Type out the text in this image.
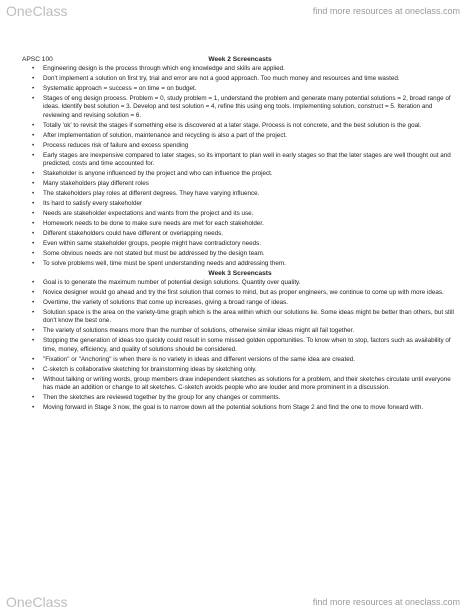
OneClass	find more resources at oneclass.com
APSC 100	Week 2 Screencasts
• Engineering design is the process through which eng knowledge and skills are applied.
• Don't implement a solution on first try, trial and error are not a good approach. Too much money and resources and time wasted.
• Systematic approach = success = on time = on budget.
• Stages of eng design process. Problem = 0, study problem = 1, understand the problem and generate many potential solutions = 2, broad range of ideas. Identify best solution = 3. Develop and test solution = 4, refine this using eng tools. Implementing solution, construct = 5. Iteration and reviewing and revising solution = 6.
• Totally 'ok' to revisit the stages if something else is discovered at a later stage. Process is not concrete, and the best solution is the goal.
• After implementation of solution, maintenance and recycling is also a part of the project.
• Process reduces risk of failure and excess spending
• Early stages are inexpensive compared to later stages, so its important to plan well in early stages so that the later stages are well thought out and predicted, costs and time accounted for.
• Stakeholder is anyone influenced by the project and who can influence the project.
• Many stakeholders play different roles
• The stakeholders play roles at different degrees. They have varying influence.
• Its hard to satisfy every stakeholder
• Needs are stakeholder expectations and wants from the project and its use.
• Homework needs to be done to make sure needs are met for each stakeholder.
• Different stakeholders could have different or overlapping needs.
• Even within same stakeholder groups, people might have contradictory needs.
• Some obvious needs are not stated but must be addressed by the design team.
• To solve problems well, time must be spent understanding needs and addressing them.
Week 3 Screencasts
• Goal is to generate the maximum number of potential design solutions. Quantity over quality.
• Novice designer would go ahead and try the first solution that comes to mind, but as proper engineers, we continue to come up with more ideas.
• Overtime, the variety of solutions that come up increases, giving a broad range of ideas.
• Solution space is the area on the variety-time graph which is the area within which our solutions lie. Some ideas might be better than others, but still don't know the best one.
• The variety of solutions means more than the number of solutions, otherwise similar ideas might all fail together.
• Stopping the generation of ideas too quickly could result in some missed golden opportunities. To know when to stop, factors such as availability of time, money, efficiency, and quality of solutions should be considered.
• "Fixation" or "Anchoring" is when there is no variety in ideas and different versions of the same idea are created.
• C-sketch is collaborative sketching for brainstorming ideas by sketching only.
• Without talking or writing words, group members draw independent sketches as solutions for a problem, and their sketches circulate until everyone has made an addition or change to all sketches. C-sketch avoids people who are louder and more prominent in a discussion.
• Then the sketches are reviewed together by the group for any changes or comments.
• Moving forward in Stage 3 now, the goal is to narrow down all the potential solutions from Stage 2 and find the one to move forward with.
OneClass	find more resources at oneclass.com
